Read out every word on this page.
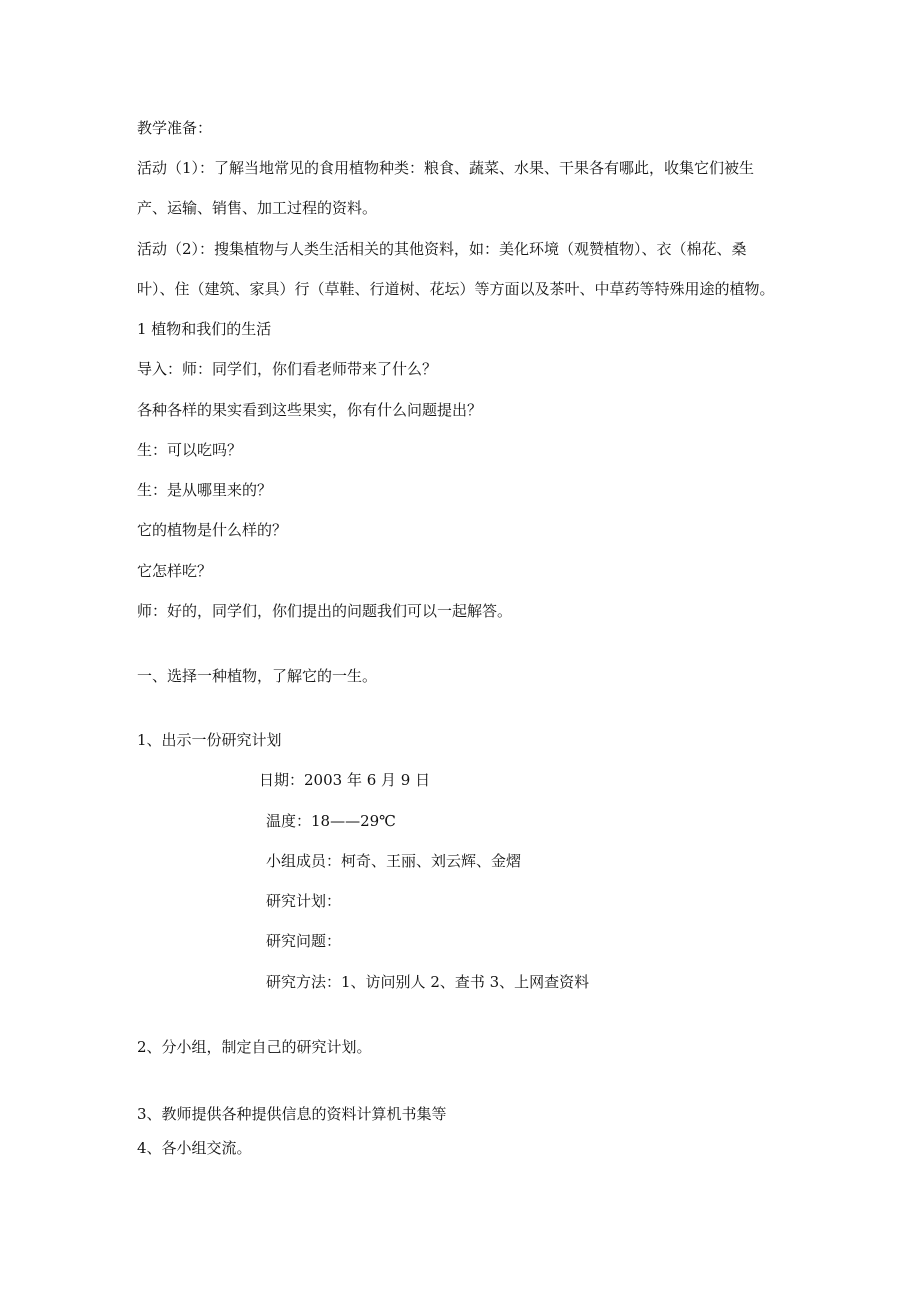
教学准备：
活动（1）：了解当地常见的食用植物种类：粮食、蔬菜、水果、干果各有哪此，收集它们被生
产、运输、销售、加工过程的资料。
活动（2）：搜集植物与人类生活相关的其他资料，如：美化环境（观赞植物）、衣（棉花、桑
叶）、住（建筑、家具）行（草鞋、行道树、花坛）等方面以及茶叶、中草药等特殊用途的植物。
1 植物和我们的生活
导入：师：同学们，你们看老师带来了什么？
各种各样的果实看到这些果实，你有什么问题提出？
生：可以吃吗？
生：是从哪里来的？
它的植物是什么样的？
它怎样吃？
师：好的，同学们，你们提出的问题我们可以一起解答。
一、选择一种植物，了解它的一生。
1、出示一份研究计划
日期：2003 年 6 月 9 日
温度：18——29℃
小组成员：柯奇、王丽、刘云辉、金熠
研究计划：
研究问题：
研究方法：1、访问别人 2、查书 3、上网查资料
2、分小组，制定自己的研究计划。
3、教师提供各种提供信息的资料计算机书集等
4、各小组交流。
